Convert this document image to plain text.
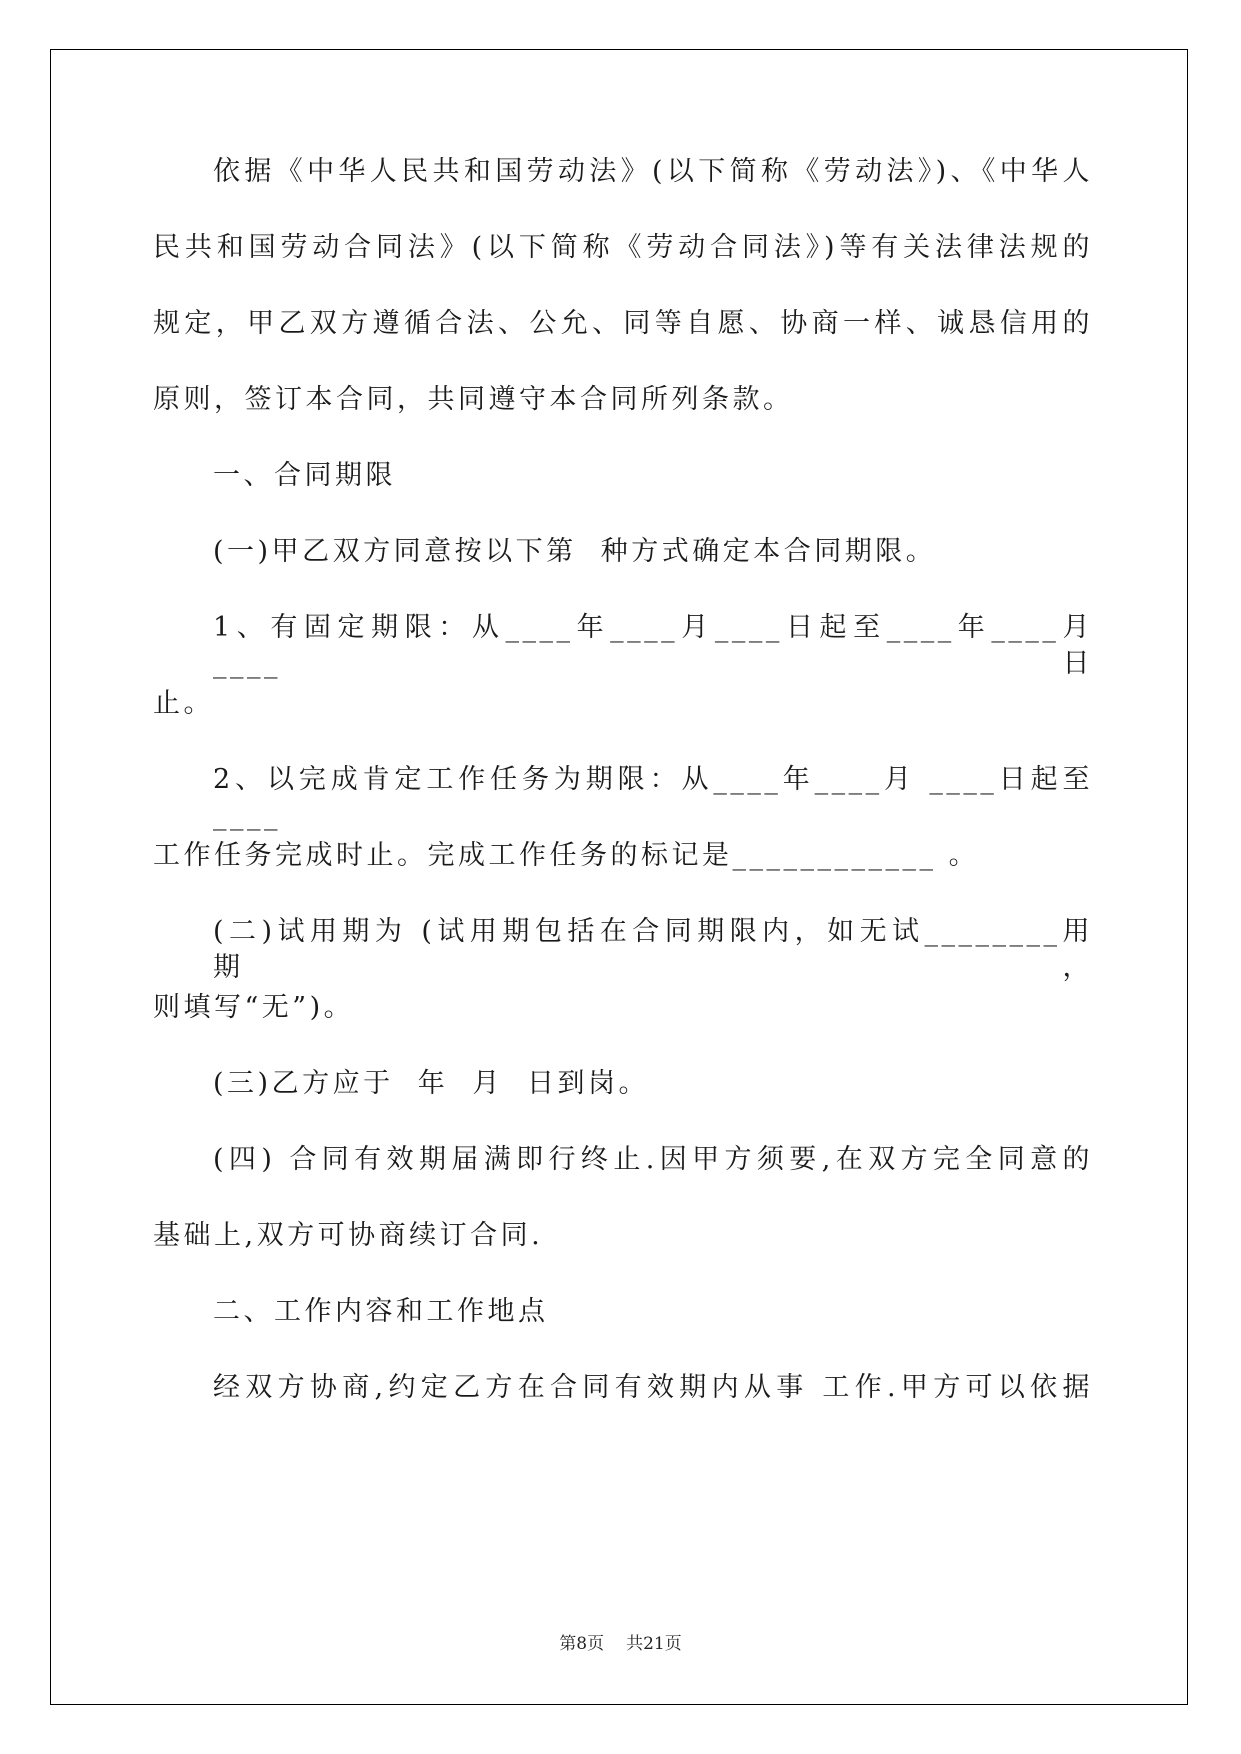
依据《中华人民共和国劳动法》(以下简称《劳动法》)、《中华人

民共和国劳动合同法》(以下简称《劳动合同法》)等有关法律法规的

规定，甲乙双方遵循合法、公允、同等自愿、协商一样、诚恳信用的

原则，签订本合同，共同遵守本合同所列条款。

一、合同期限

(一)甲乙双方同意按以下第  种方式确定本合同期限。

1、有固定期限：从____年____月____日起至____年____月____日

止。

2、以完成肯定工作任务为期限：从____年____月 ____日起至____

工作任务完成时止。完成工作任务的标记是____________ 。

(二)试用期为 (试用期包括在合同期限内，如无试________用期，

则填写“无”)。

(三)乙方应于  年  月  日到岗。

(四) 合同有效期届满即行终止.因甲方须要,在双方完全同意的

基础上,双方可协商续订合同.

二、工作内容和工作地点

经双方协商,约定乙方在合同有效期内从事 工作.甲方可以依据

第8页 共21页
